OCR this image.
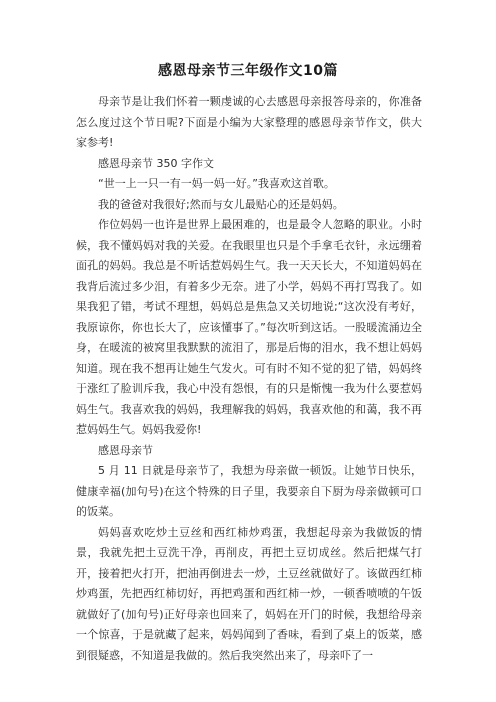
感恩母亲节三年级作文10篇

母亲节是让我们怀着一颗虔诚的心去感恩母亲报答母亲的，你准备怎么度过这个节日呢?下面是小编为大家整理的感恩母亲节作文，供大家参考!

感恩母亲节 350 字作文

“世一上一只一有一妈一妈一好。”我喜欢这首歌。

我的爸爸对我很好;然而与女儿最贴心的还是妈妈。

作位妈妈一也许是世界上最困难的，也是最令人忽略的职业。小时候，我不懂妈妈对我的关爱。在我眼里也只是个手拿毛衣针，永远绷着面孔的妈妈。我总是不听话惹妈妈生气。我一天天长大，不知道妈妈在我背后流过多少泪，有着多少无奈。进了小学，妈妈不再打骂我了。如果我犯了错，考试不理想，妈妈总是焦急又关切地说;“这次没有考好，我原谅你，你也长大了，应该懂事了。”每次听到这话。一股暖流涌边全身，在暖流的被窝里我默默的流泪了，那是后悔的泪水，我不想让妈妈知道。现在我不想再让她生气发火。可有时不知不觉的犯了错，妈妈终于涨红了脸训斥我，我心中没有怨恨，有的只是惭愧一我为什么要惹妈妈生气。我喜欢我的妈妈，我理解我的妈妈，我喜欢他的和蔼，我不再惹妈妈生气。妈妈我爱你!

感恩母亲节

5 月 11 日就是母亲节了，我想为母亲做一顿饭。让她节日快乐，健康幸福(加句号)在这个特殊的日子里，我要亲自下厨为母亲做顿可口的饭菜。

妈妈喜欢吃炒土豆丝和西红柿炒鸡蛋，我想起母亲为我做饭的情景，我就先把土豆洗干净，再削皮，再把土豆切成丝。然后把煤气打开，接着把火打开，把油再倒进去一炒，土豆丝就做好了。该做西红柿炒鸡蛋，先把西红柿切好，再把鸡蛋和西红柿一炒，一顿香喷喷的午饭就做好了(加句号)正好母亲也回来了，妈妈在开门的时候，我想给母亲一个惊喜，于是就藏了起来，妈妈闻到了香味，看到了桌上的饭菜，感到很疑惑，不知道是我做的。然后我突然出来了，母亲吓了一
